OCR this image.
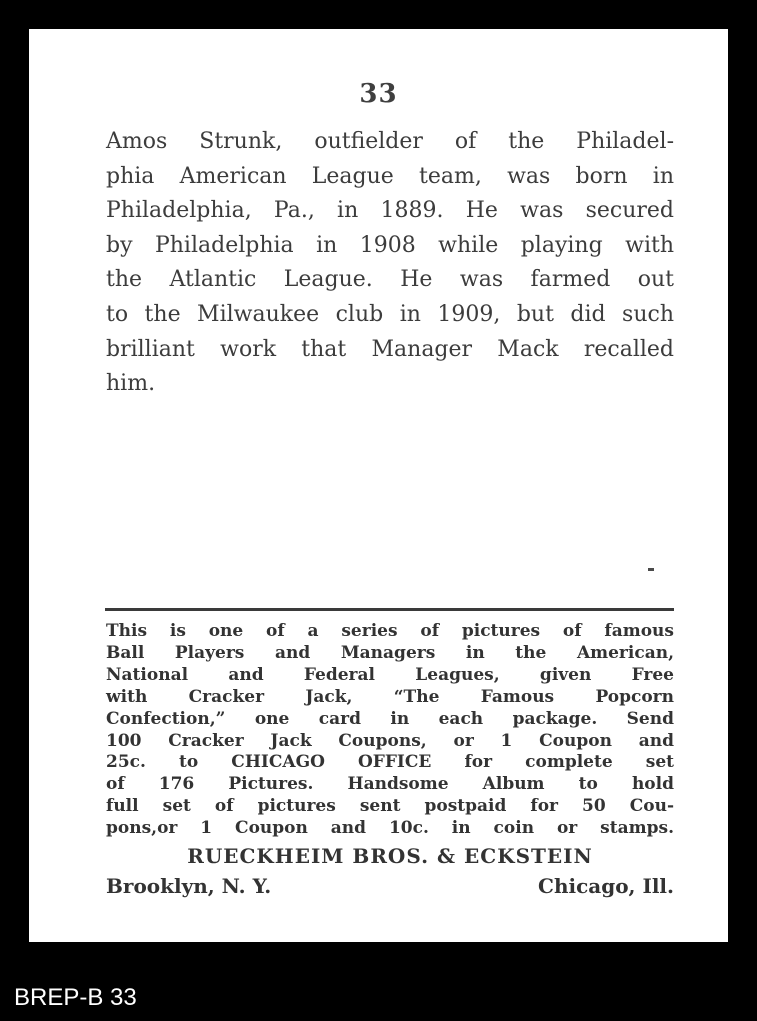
33
Amos Strunk, outfielder of the Philadel-
phia American League team, was born in
Philadelphia, Pa., in 1889. He was secured
by Philadelphia in 1908 while playing with
the Atlantic League. He was farmed out
to the Milwaukee club in 1909, but did such
brilliant work that Manager Mack recalled
him.
This is one of a series of pictures of famous
Ball Players and Managers in the American,
National and Federal Leagues, given Free
with Cracker Jack, “The Famous Popcorn
Confection,” one card in each package. Send
100 Cracker Jack Coupons, or 1 Coupon and
25c. to CHICAGO OFFICE for complete set
of 176 Pictures. Handsome Album to hold
full set of pictures sent postpaid for 50 Cou-
pons,or 1 Coupon and 10c. in coin or stamps.
RUECKHEIM BROS. & ECKSTEIN
Brooklyn, N. Y.	Chicago, Ill.
BREP-B 33
